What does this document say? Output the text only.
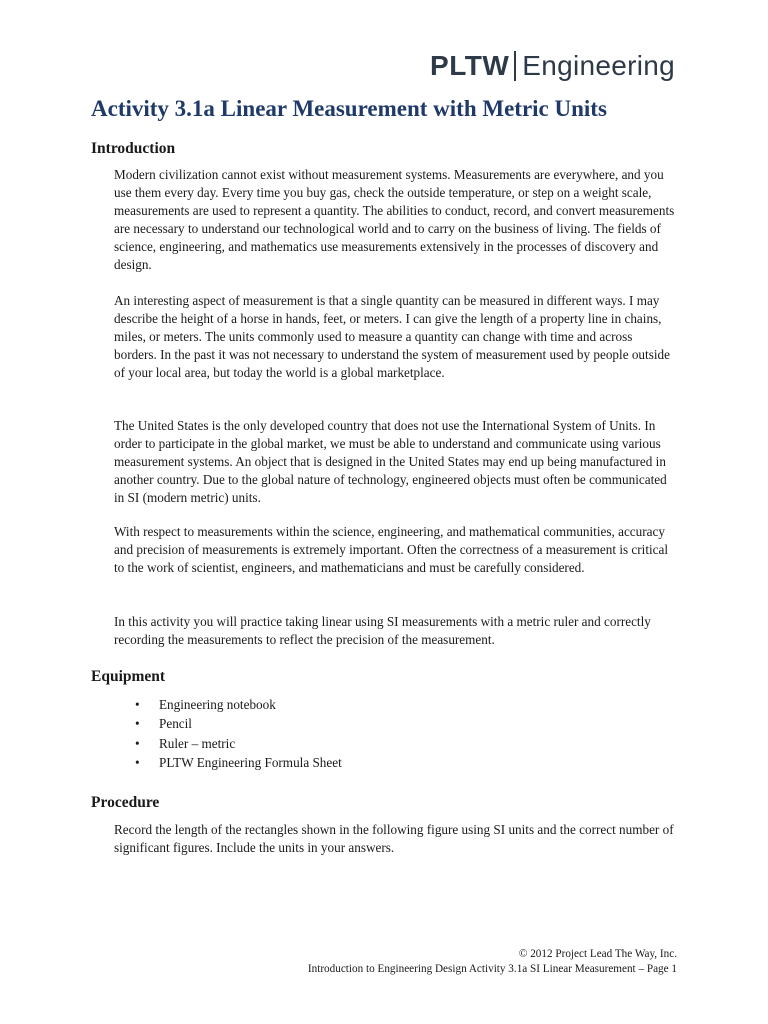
PLTW Engineering
Activity 3.1a Linear Measurement with Metric Units
Introduction

Modern civilization cannot exist without measurement systems. Measurements are everywhere, and you use them every day. Every time you buy gas, check the outside temperature, or step on a weight scale, measurements are used to represent a quantity. The abilities to conduct, record, and convert measurements are necessary to understand our technological world and to carry on the business of living. The fields of science, engineering, and mathematics use measurements extensively in the processes of discovery and design.

An interesting aspect of measurement is that a single quantity can be measured in different ways. I may describe the height of a horse in hands, feet, or meters. I can give the length of a property line in chains, miles, or meters. The units commonly used to measure a quantity can change with time and across borders. In the past it was not necessary to understand the system of measurement used by people outside of your local area, but today the world is a global marketplace.

The United States is the only developed country that does not use the International System of Units. In order to participate in the global market, we must be able to understand and communicate using various measurement systems. An object that is designed in the United States may end up being manufactured in another country. Due to the global nature of technology, engineered objects must often be communicated in SI (modern metric) units.

With respect to measurements within the science, engineering, and mathematical communities, accuracy and precision of measurements is extremely important. Often the correctness of a measurement is critical to the work of scientist, engineers, and mathematicians and must be carefully considered.

In this activity you will practice taking linear using SI measurements with a metric ruler and correctly recording the measurements to reflect the precision of the measurement.

Equipment
• Engineering notebook
• Pencil
• Ruler – metric
• PLTW Engineering Formula Sheet
Procedure

Record the length of the rectangles shown in the following figure using SI units and the correct number of significant figures. Include the units in your answers.

© 2012 Project Lead The Way, Inc.
Introduction to Engineering Design Activity 3.1a SI Linear Measurement – Page 1
